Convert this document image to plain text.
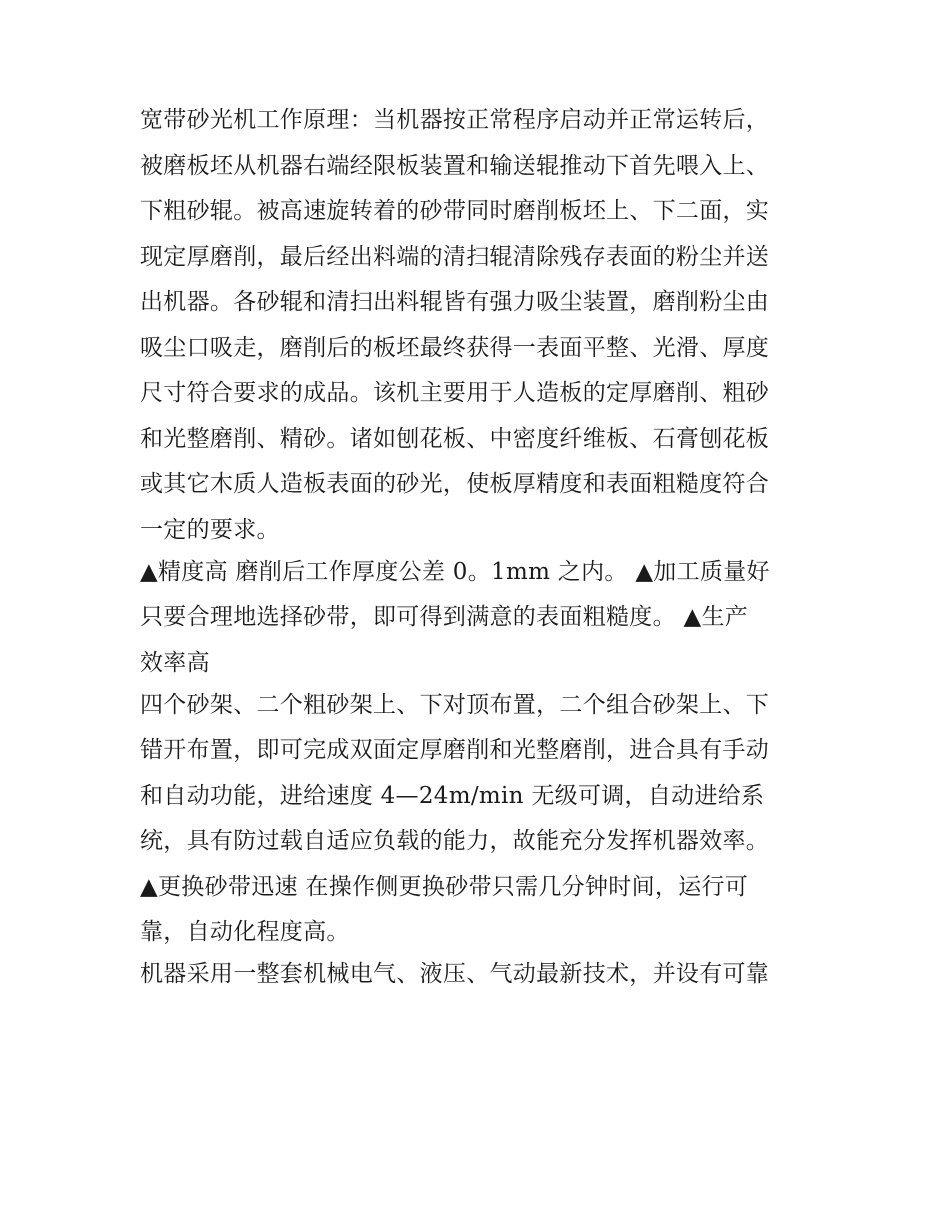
宽带砂光机工作原理：当机器按正常程序启动并正常运转后，
被磨板坯从机器右端经限板装置和输送辊推动下首先喂入上、
下粗砂辊。被高速旋转着的砂带同时磨削板坯上、下二面，实
现定厚磨削，最后经出料端的清扫辊清除残存表面的粉尘并送
出机器。各砂辊和清扫出料辊皆有强力吸尘装置，磨削粉尘由
吸尘口吸走，磨削后的板坯最终获得一表面平整、光滑、厚度
尺寸符合要求的成品。该机主要用于人造板的定厚磨削、粗砂
和光整磨削、精砂。诸如刨花板、中密度纤维板、石膏刨花板
或其它木质人造板表面的砂光，使板厚精度和表面粗糙度符合
一定的要求。
▲精度高 磨削后工作厚度公差 0。1mm 之内。 ▲加工质量好
只要合理地选择砂带，即可得到满意的表面粗糙度。 ▲生产
效率高
四个砂架、二个粗砂架上、下对顶布置，二个组合砂架上、下
错开布置，即可完成双面定厚磨削和光整磨削，进合具有手动
和自动功能，进给速度 4—24m/min 无级可调，自动进给系
统，具有防过载自适应负载的能力，故能充分发挥机器效率。
▲更换砂带迅速 在操作侧更换砂带只需几分钟时间，运行可
靠，自动化程度高。
机器采用一整套机械电气、液压、气动最新技术，并设有可靠
